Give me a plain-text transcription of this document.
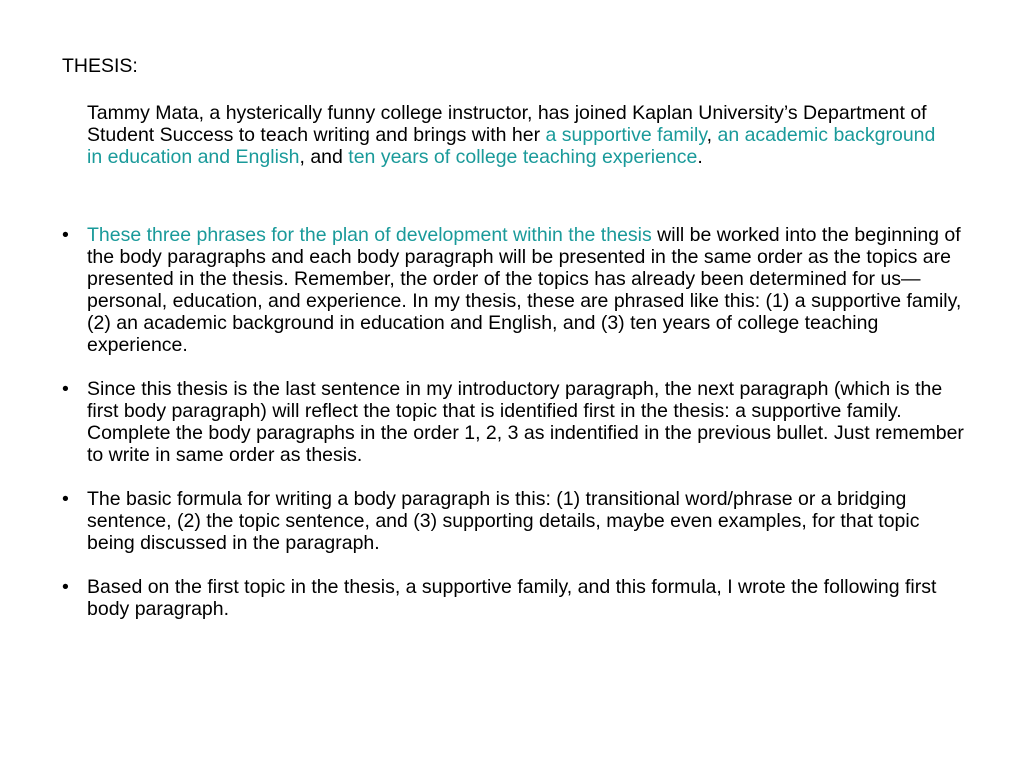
THESIS:

Tammy Mata, a hysterically funny college instructor, has joined Kaplan University’s Department of Student Success to teach writing and brings with her a supportive family, an academic background in education and English, and ten years of college teaching experience.

• These three phrases for the plan of development within the thesis will be worked into the beginning of the body paragraphs and each body paragraph will be presented in the same order as the topics are presented in the thesis. Remember, the order of the topics has already been determined for us—personal, education, and experience. In my thesis, these are phrased like this: (1) a supportive family, (2) an academic background in education and English, and (3) ten years of college teaching experience.
• Since this thesis is the last sentence in my introductory paragraph, the next paragraph (which is the first body paragraph) will reflect the topic that is identified first in the thesis: a supportive family. Complete the body paragraphs in the order 1, 2, 3 as indentified in the previous bullet. Just remember to write in same order as thesis.
• The basic formula for writing a body paragraph is this: (1) transitional word/phrase or a bridging sentence, (2) the topic sentence, and (3) supporting details, maybe even examples, for that topic being discussed in the paragraph.
• Based on the first topic in the thesis, a supportive family, and this formula, I wrote the following first body paragraph.
